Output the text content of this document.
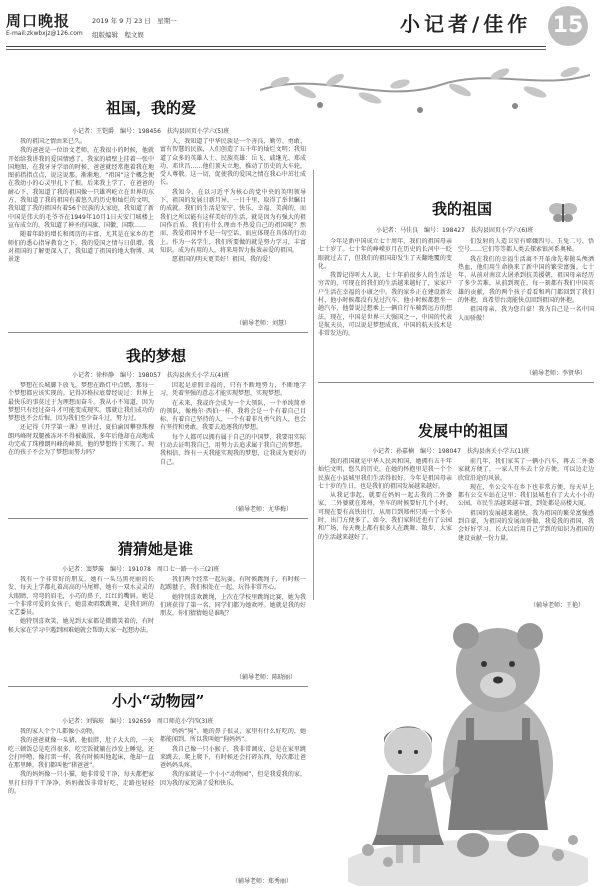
周口晚报
E-mail:zkwbxjz@126.com
2019 年 9 月 23 日　星期一
组版编辑　程文娱	小记者/佳作 15
祖国，我的爱
小记者：王铠爵　编号：198456　扶沟县固页小学六(5)班

我的祖国之情由来已久。

我的爸爸是一位语文老师，在我很小的时候，他就开始给我讲我的爱国情感了。我家的墙壁上挂着一张中国地图，在我牙牙学语的时候，爸爸就经常抱着我在地图前指指点点，说这说那。渐渐地，“祖国”这个概念便在我幼小的心灵里扎下了根。后来我上学了，在爸爸的耐心下，我知道了我的祖国像一只雄鸡屹立在世界的东方，我知道了我的祖国有着悠久的历史和灿烂的文明，我知道了我的祖国有着56个民族的大家庭，我知道了新中国是伟大的毛爷爷在1949年10月1日天安门城楼上宣布成立的，我知道了神圣的国旗、国徽、国歌……

随着年龄的增长和阅历的丰富，尤其是在家乡的老师们的悉心指导教育之下，我的爱国之情与日俱增。我对祖国的了解更深入了，我知道了祖国的地大物博、风景迷

人，我知道了中华民族是一个善良、勤劳、勇敢、富有智慧的民族，人们创造了五千年的灿烂文明；我知道了众多的英雄人士、民族英雄：岳飞、戚继光、郑成功、邓世昌……他们顶天立地，推动了历史的大车轮，受人尊敬。这一切，促使我的爱国之情在我心中茁壮成长。

我知今，在以习近平为核心的党中央的英明领导下，祖国的发展日新月异，一日千里，取得了举世瞩目的成就。我们的生活是安宁、快乐、幸福、美满的，而我们之所以能有这样美好的生活，就是因为有强大的祖国作后盾。我们有什么理由不热爱自己的祖国呢？然而，我爱祖国并不是一句空话，而应体现在具体的行动上。作为一名学生，我们所要做的就是努力学习，丰富知识，成为有用的人，将来用智力报效亲爱的祖国。

愿祖国的明天更美好！祖国，我的爱！

（辅导老师：刘慧）
我的梦想
小记者：徐梓静　编号：198057　扶沟县南关小学五(4)班

梦想在长城脚下放飞，梦想在路灯中点燃，那每一个梦想都应该实现的。记得苏格拉底曾经说过：世界上最快乐的事莫过于为理想而奋斗。我从小不知道，因为梦想只有经过奋斗才可能变成现实。那就让我们成功的梦想也不会后悔，因为我们至少奋斗过，努力过。

还记得《开学第一课》里讲过，夏伯渝因攀登珠穆朗玛峰时双腿被冻坏不得被截肢，多年后他却在高地成功完成了珠穆朗玛峰的峰顶，他的梦想终于实现了。现在的孩子不会为了梦想而努力吗？

因起是虚假幸福的，只有不断地努力，不断地学习，凭着坚强的意志才能实现梦想，实现梦想。

在未来，我或许会成为一个大领队，一个单纯简单的领队，像梅尔·西伯一样，我将会是一个有着自己目标、有着自己坚持的人，一个有着非凡勇气的人，也会有坚持和勇敢。我要去追逐我的梦想。

每个人都可以拥有属于自己的中国梦，我要用实际行动去证明我自己，用努力去追求属于我自己的梦想。我相信，终有一天我能实现我的梦想，让我成为更好的自己。

（辅导老师：尤华梅）
猜猜她是谁
小记者：窦梦璇　编号：191078　周口七一路一小三(2)班

我有一个非常好的朋友，她有一头乌黑亮丽的长发，每天上学都扎着高高的马尾辫，她有一双水灵灵的大眼睛，弯弯的眉毛，小巧的鼻子，红红的嘴唇。她是一个非常可爱的女孩子，她喜欢唱歌跳舞，是我们班的文艺委员。

她特别喜欢笑，她见到大家都是微微笑着的，有时候大家在学习中遇到困难她就会帮助大家一起想办法。

我们两个经常一起玩耍，有时候跳绳子，有时候一起踢毽子，我们相处在一起，玩得非常开心。

她特别喜欢跳绳，上次在学校里跳绳比赛，她为我们班获得了第一名，同学们都为她欢呼。她就是我的好朋友，你们猜猜她是谁呢？

（辅导老师：陈晓丽）
小小“动物园”
小记者：刘锦瑄　编号：192659　周口师范小学四(3)班

我的家人个个儿都像小动物。

我的爸爸就像一头猪，他很胖，肚子大大的，一天吃三顿饭总是吃得很多，吃完饭就躺在沙发上睡觉，还会打呼噜，像打雷一样，我有时候叫他起床，他却一直在那里睡，我们都叫他“猪爸爸”。

我的妈妈像一只小猫，她非常爱干净，每天都把家里打扫得干干净净，妈妈做饭非常好吃，走路也轻轻的。

妈妈“狗”。她的鼻子很灵，家里有什么好吃的，她都能闻到，所以我叫她“狗妈妈”。

我自己像一只小猴子，我非常调皮，总是在家里跳来跳去，爬上爬下，有时候还会打碎东西，每次都让爸爸妈妈头疼。

我的家就是一个小小“动物园”，但是我爱我的家，因为我的家充满了爱和快乐。

（辅导老师：郑秀丽）
我的祖国
小记者：马佳良　编号：198427　扶沟县固页小学六(6)班

今年是新中国成立七十周年，我们的祖国母亲七十岁了。七十年的峥嵘岁月在历史的长河中一眨眼就过去了，但我们的祖国却发生了天翻地覆的变化。

我曾记得听大人说，七十年前很多人的生活是穷苦的，可现在的我们的生活越来越好了，家家户户生活在幸福的小康之中。我的家乡正在建设新农村，他小时候都没有见过汽车，他小时候都想坐一趟汽车，他曾说过想乘上一辆自行车骑到远方的想法。现在，中国是世界三大强国之一，中国的代表是航天员，可以说是梦想成真，中国的航天技术是非常发达的。

们发射的人造卫星有嫦娥四号、玉兔二号、悟空号……它们等等都人类去探索银河系奥秘。

我在我们的幸福生活离不开革命先辈抛头颅洒热血，他们用生命换来了新中国的繁荣富强。七十年，从前对南京大屠杀到抗美援朝，祖国母亲经历了多少苦难，从前到现在，每一刻都有我们中国英雄的贡献，我的两个孩子看看和鸡门都回到了我们的怀抱，真希望台湾能快点回到祖国的怀抱。

祖国母亲，我为您自豪！我为自己是一名中国人而骄傲！

（辅导老师：李贤华）
发展中的祖国
小记者：孙嘉楠　编号：198047　扶沟县南关小学五(1)班

我的祖国就是中华人民共和国，她拥有五千年灿烂文明，悠久的历史，在她的怀抱里是我一个个民族在小县城里我们生活得很好。今年是祖国母亲七十岁的生日，也是我们的祖国发展越来越好。

从我记事起，就要在妈妈一起去我的二外婆家，二外婆就在郑州，坐车的时候要好几个小时，可现在要有高铁出行，从周口到郑州只需一个多小时，出门方便多了。如今，我们家附近也有了公园和广场，每天晚上都有很多人在跳舞、散步，大家的生活越来越好了。

前几年，我们家买了一辆小汽车，再去二外婆家就方便了，一家人开车去十分方便，可以边走边欣赏沿途的风景。

现在，坐公交车在乡下也非常方便，每天早上都有公交车站在这里；我们县城也有了大大小小的公园，市民生活越来越丰富，到处都是高楼大厦。

祖国的发展越来越快，我为祖国的繁荣富强感到自豪，为祖国的发展而骄傲，我爱我的祖国，我会好好学习，长大以后用自己学到的知识为祖国的建设贡献一份力量。

（辅导老师：王艳）
